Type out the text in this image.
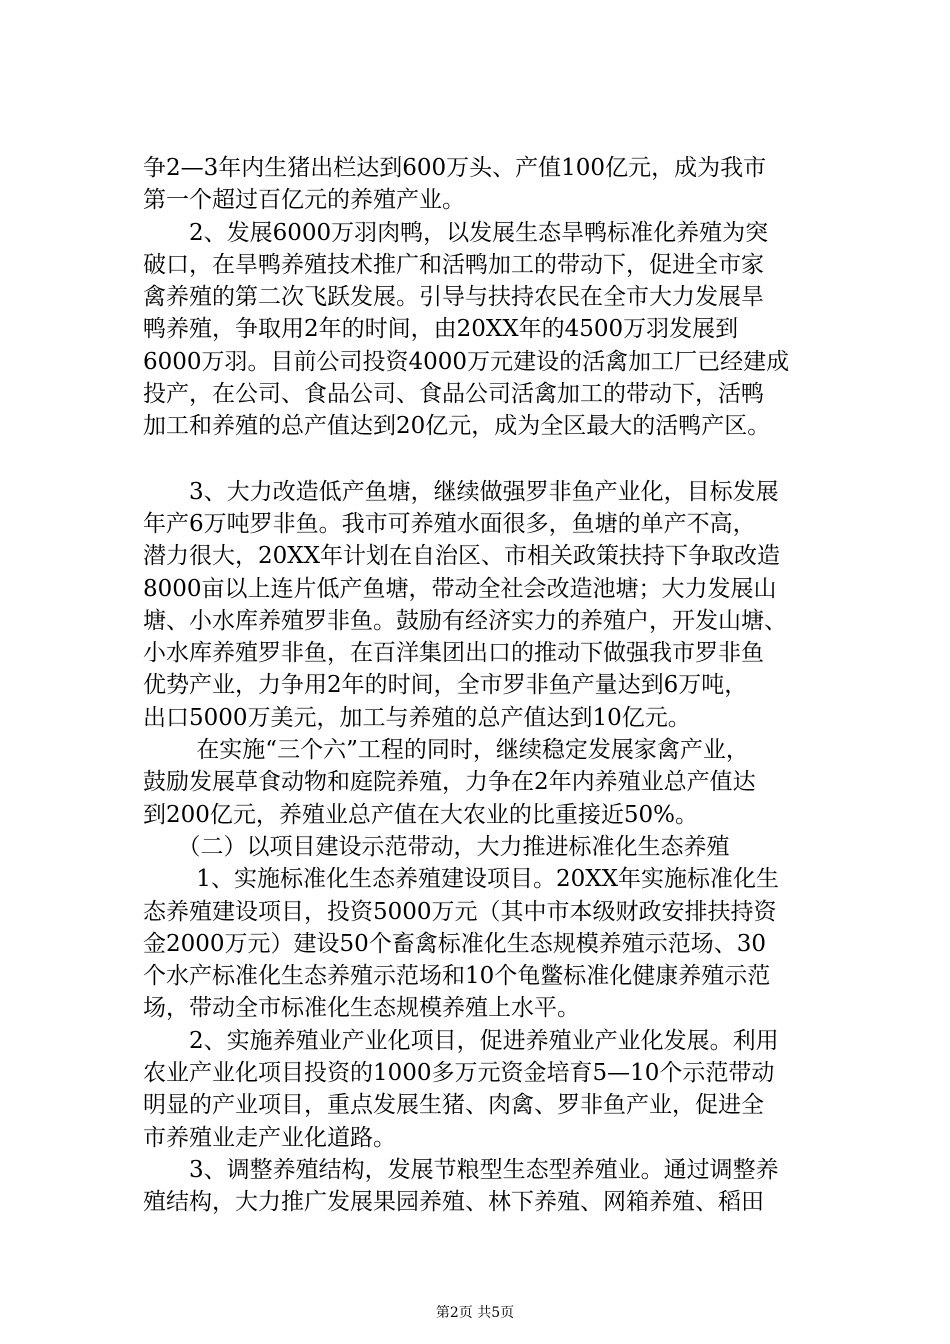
争2—3年内生猪出栏达到600万头、产值100亿元，成为我市
第一个超过百亿元的养殖产业。
　　2、发展6000万羽肉鸭，以发展生态旱鸭标准化养殖为突
破口，在旱鸭养殖技术推广和活鸭加工的带动下，促进全市家
禽养殖的第二次飞跃发展。引导与扶持农民在全市大力发展旱
鸭养殖，争取用2年的时间，由20XX年的4500万羽发展到
6000万羽。目前公司投资4000万元建设的活禽加工厂已经建成
投产，在公司、食品公司、食品公司活禽加工的带动下，活鸭
加工和养殖的总产值达到20亿元，成为全区最大的活鸭产区。
　　3、大力改造低产鱼塘，继续做强罗非鱼产业化，目标发展
年产6万吨罗非鱼。我市可养殖水面很多，鱼塘的单产不高，
潜力很大，20XX年计划在自治区、市相关政策扶持下争取改造
8000亩以上连片低产鱼塘，带动全社会改造池塘；大力发展山
塘、小水库养殖罗非鱼。鼓励有经济实力的养殖户，开发山塘、
小水库养殖罗非鱼，在百洋集团出口的推动下做强我市罗非鱼
优势产业，力争用2年的时间，全市罗非鱼产量达到6万吨，
出口5000万美元，加工与养殖的总产值达到10亿元。
　　 在实施“三个六”工程的同时，继续稳定发展家禽产业，
鼓励发展草食动物和庭院养殖，力争在2年内养殖业总产值达
到200亿元，养殖业总产值在大农业的比重接近50%。
　　（二）以项目建设示范带动，大力推进标准化生态养殖
　　 1、实施标准化生态养殖建设项目。20XX年实施标准化生
态养殖建设项目，投资5000万元（其中市本级财政安排扶持资
金2000万元）建设50个畜禽标准化生态规模养殖示范场、30
个水产标准化生态养殖示范场和10个龟鳖标准化健康养殖示范
场，带动全市标准化生态规模养殖上水平。
　　2、实施养殖业产业化项目，促进养殖业产业化发展。利用
农业产业化项目投资的1000多万元资金培育5—10个示范带动
明显的产业项目，重点发展生猪、肉禽、罗非鱼产业，促进全
市养殖业走产业化道路。
　　3、调整养殖结构，发展节粮型生态型养殖业。通过调整养
殖结构，大力推广发展果园养殖、林下养殖、网箱养殖、稻田
第2页 共5页
